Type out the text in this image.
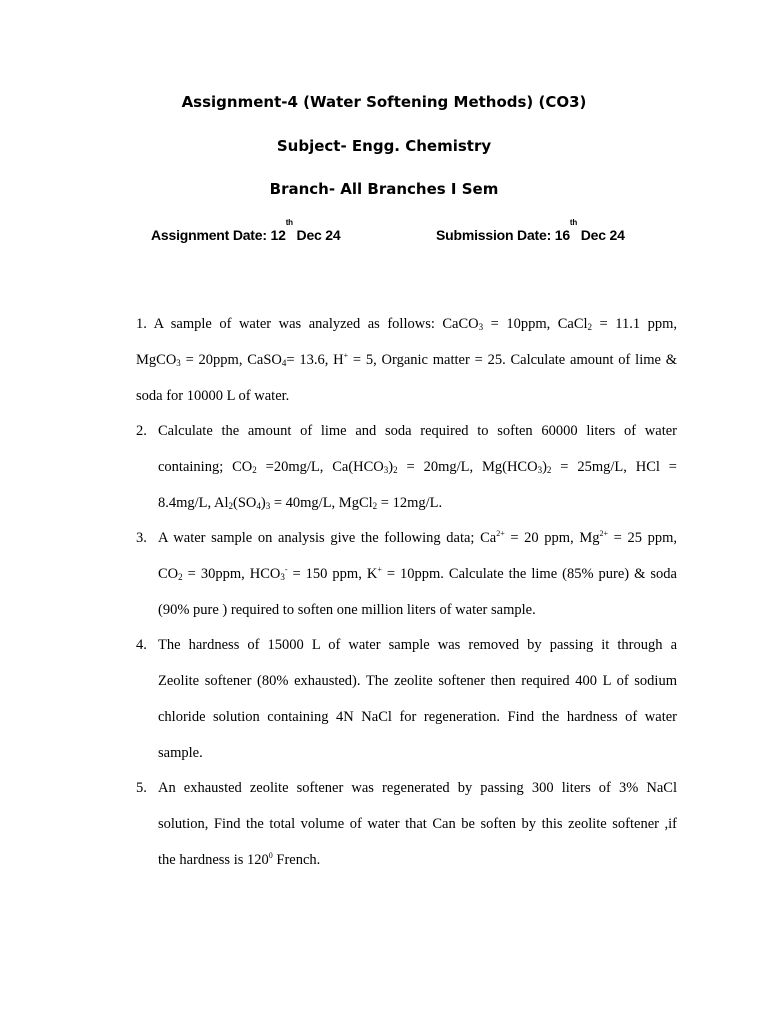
Assignment-4 (Water Softening Methods) (CO3)
Subject- Engg. Chemistry
Branch- All Branches I Sem
Assignment Date: 12th Dec 24	Submission Date: 16th Dec 24
1. A sample of water was analyzed as follows: CaCO$_3$ = 10ppm, CaCl$_2$ = 11.1 ppm,
MgCO$_3$ = 20ppm, CaSO$_4$= 13.6, H+ = 5, Organic matter = 25. Calculate amount of lime &
soda for 10000 L of water.
2. Calculate the amount of lime and soda required to soften 60000 liters of water
containing; $CO_2 =20mg/L$, $Ca(HCO_3)_2 = 20mg/L$, $Mg(HCO_3)_2 = 25mg/L$, HCl =
8.4mg/L, $Al_2(SO_4)_3 = 40mg/L$, MgCl$_2$ = 12mg/L.
3. A water sample on analysis give the following data; $Ca^{2+} = 20$ ppm, $Mg^{2+} = 25$ ppm,
$CO_2 = 30ppm$, $HCO_3^- = 150$ ppm, K+ = 10ppm. Calculate the lime (85% pure) & soda
(90% pure ) required to soften one million liters of water sample.
4. The hardness of 15000 L of water sample was removed by passing it through a
Zeolite softener (80% exhausted). The zeolite softener then required 400 L of sodium
chloride solution containing 4N NaCl for regeneration. Find the hardness of water
sample.
5. An exhausted zeolite softener was regenerated by passing 300 liters of 3% NaCl
solution, Find the total volume of water that Can be soften by this zeolite softener ,if
the hardness is $120^0$ French.
